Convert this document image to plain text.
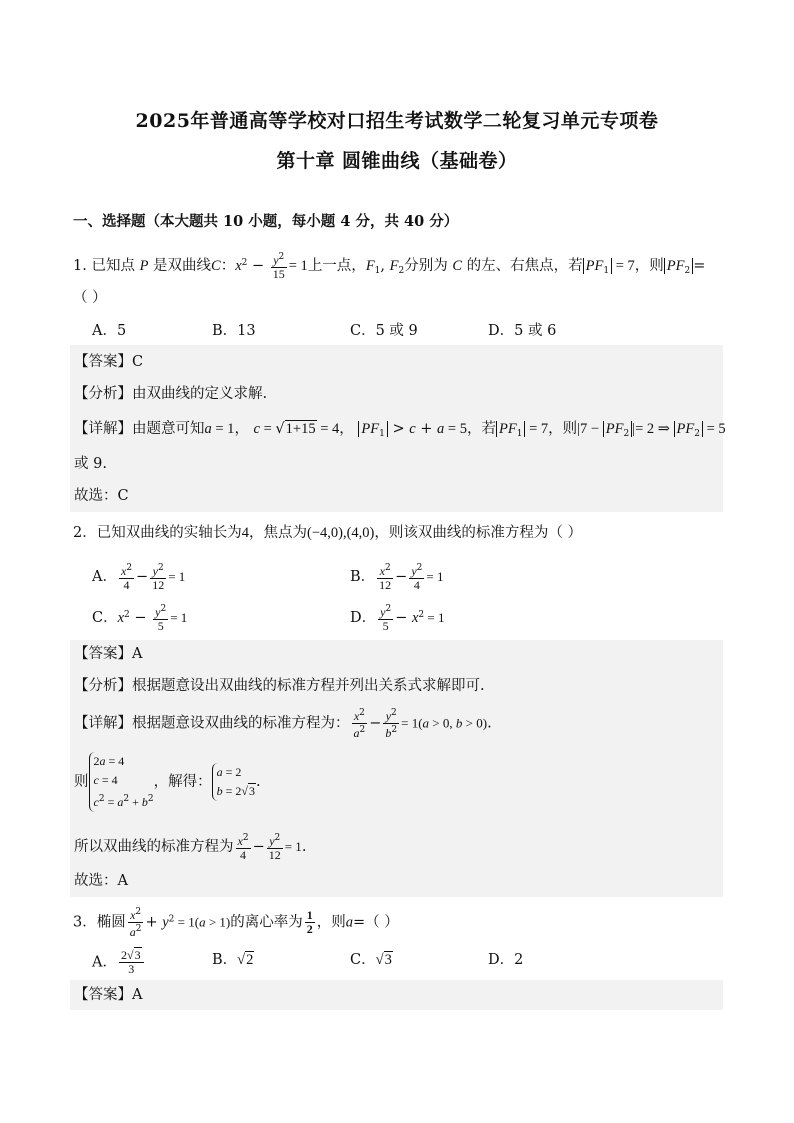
2025年普通高等学校对口招生考试数学二轮复习单元专项卷
第十章 圆锥曲线（基础卷）
一、选择题（本大题共 10 小题，每小题 4 分，共 40 分）
1. 已知点 P 是双曲线C：$x^2 - \frac{y^2}{15} = 1$上一点，$F_1$, $F_2$分别为 C 的左、右焦点，若 $PF_1 = 7$，则 $PF_2$ =
（ ）
A．5	B．13	C．5 或 9	D．5 或 6
【答案】C
【分析】由双曲线的定义求解.
【详解】由题意可知a = 1， c = √1+15 = 4， $PF_1 > c + a = 5$，若 $PF_1 = 7$，则$|7 - PF_2$ |= 2 ⇒ $PF_2 = 5$
或 9.
故选：C
2．已知双曲线的实轴长为4，焦点为(−4,0),(4,0)，则该双曲线的标准方程为（ ）
A． $\frac{x^2}{4} - \frac{y^2}{12} = 1$	B． $\frac{x^2}{12} - \frac{y^2}{4} = 1$
C．$x^2 - \frac{y^2}{5} = 1$	D． $\frac{y^2}{5} - x^2 = 1$
【答案】A
【分析】根据题意设出双曲线的标准方程并列出关系式求解即可.
【详解】根据题意设双曲线的标准方程为： $\frac{x^2}{a^2} - \frac{y^2}{b^2} = 1(a > 0$, b > 0).
则2a = 4
c = 4
$c^2 = a^2 + b^2$，解得：a = 2
b = 2√3.
所以双曲线的标准方程为 $\frac{x^2}{4} - \frac{y^2}{12} = 1$.
故选：A
3．椭圆 $\frac{x^2}{a^2} + y^2 = 1(a > 1)$的离心率为 $\frac{1}{2}$ ，则a=（ ）
A． $\frac{2√3}{3}$	B．√2	C．√3	D．2
【答案】A
